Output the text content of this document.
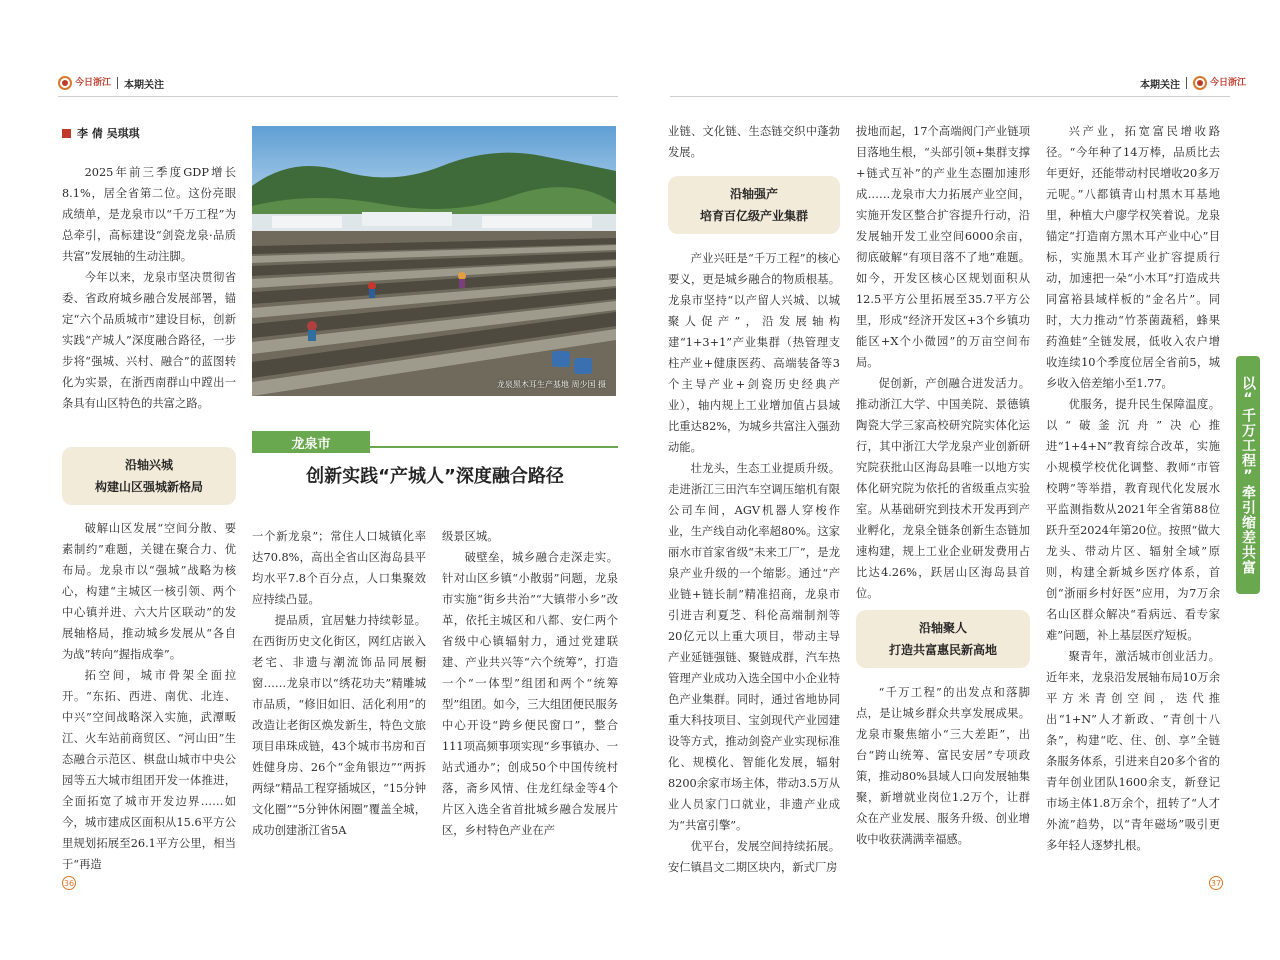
今日浙江 本期关注
李 倩 吴琪琪

2025年前三季度GDP增长8.1%，居全省第二位。这份亮眼成绩单，是龙泉市以“千万工程”为总牵引，高标建设“剑瓷龙泉·品质共富”发展轴的生动注脚。

今年以来，龙泉市坚决贯彻省委、省政府城乡融合发展部署，锚定“六个品质城市”建设目标，创新实践“产城人”深度融合路径，一步步将“强城、兴村、融合”的蓝图转化为实景，在浙西南群山中蹚出一条具有山区特色的共富之路。

沿轴兴城
构建山区强城新格局

破解山区发展“空间分散、要素制约”难题，关键在聚合力、优布局。龙泉市以“强城”战略为核心，构建“主城区一核引领、两个中心镇并进、六大片区联动”的发展轴格局，推动城乡发展从“各自为战”转向“握指成拳”。

拓空间，城市骨架全面拉开。“东拓、西进、南优、北连、中兴”空间战略深入实施，武潭畈江、火车站前商贸区、“河山田”生态融合示范区、棋盘山城市中央公园等五大城市组团开发一体推进，全面拓宽了城市开发边界……如今，城市建成区面积从15.6平方公里规划拓展至26.1平方公里，相当于“再造

龙泉黑木耳生产基地 周少国 摄
龙泉市
创新实践“产城人”深度融合路径

一个新龙泉”；常住人口城镇化率达70.8%，高出全省山区海岛县平均水平7.8个百分点，人口集聚效应持续凸显。

提品质，宜居魅力持续彰显。在西街历史文化街区，网红店嵌入老宅、非遗与潮流饰品同展橱窗……龙泉市以“绣花功夫”精雕城市品质，“修旧如旧、活化利用”的改造让老街区焕发新生，特色文旅项目串珠成链，43个城市书房和百姓健身房、26个“金角银边”“两拆两绿”精品工程穿插城区，“15分钟文化圈”“5分钟休闲圈”覆盖全城，成功创建浙江省5A

级景区城。

破壁垒，城乡融合走深走实。针对山区乡镇“小散弱”问题，龙泉市实施“街乡共治”“大镇带小乡”改革，依托主城区和八都、安仁两个省级中心镇辐射力，通过党建联建、产业共兴等“六个统筹”，打造一个“一体型”组团和两个“统筹型”组团。如今，三大组团便民服务中心开设“跨乡便民窗口”，整合111项高频事项实现“乡事镇办、一站式通办”；创成50个中国传统村落，斋乡风情、住龙红绿金等4个片区入选全省首批城乡融合发展片区，乡村特色产业在产

36
本期关注	今日浙江

业链、文化链、生态链交织中蓬勃发展。

沿轴强产
培育百亿级产业集群

产业兴旺是“千万工程”的核心要义，更是城乡融合的物质根基。龙泉市坚持“以产留人兴城、以城聚人促产”，沿发展轴构建“1+3+1”产业集群（热管理支柱产业+健康医药、高端装备等3个主导产业+剑瓷历史经典产业），轴内规上工业增加值占县域比重达82%，为城乡共富注入强劲动能。

壮龙头，生态工业提质升级。走进浙江三田汽车空调压缩机有限公司车间，AGV机器人穿梭作业，生产线自动化率超80%。这家丽水市首家省级“未来工厂”，是龙泉产业升级的一个缩影。通过“产业链+链长制”精准招商，龙泉市引进吉利夏芝、科伦高端制剂等20亿元以上重大项目，带动主导产业延链强链、聚链成群，汽车热管理产业成功入选全国中小企业特色产业集群。同时，通过省地协同重大科技项目、宝剑现代产业园建设等方式，推动剑瓷产业实现标准化、规模化、智能化发展，辐射8200余家市场主体，带动3.5万从业人员家门口就业，非遗产业成为“共富引擎”。

优平台，发展空间持续拓展。安仁镇昌文二期区块内，新式厂房

拔地而起，17个高端阀门产业链项目落地生根，“头部引领+集群支撑+链式互补”的产业生态圈加速形成……龙泉市大力拓展产业空间，实施开发区整合扩容提升行动，沿发展轴开发工业空间6000余亩，彻底破解“有项目落不了地”难题。如今，开发区核心区规划面积从12.5平方公里拓展至35.7平方公里，形成“经济开发区+3个乡镇功能区+X个小微园”的万亩空间布局。

促创新，产创融合迸发活力。推动浙江大学、中国美院、景德镇陶瓷大学三家高校研究院实体化运行，其中浙江大学龙泉产业创新研究院获批山区海岛县唯一以地方实体化研究院为依托的省级重点实验室。从基础研究到技术开发再到产业孵化，龙泉全链条创新生态链加速构建，规上工业企业研发费用占比达4.26%，跃居山区海岛县首位。

沿轴聚人
打造共富惠民新高地

“千万工程”的出发点和落脚点，是让城乡群众共享发展成果。龙泉市聚焦缩小“三大差距”，出台“跨山统筹、富民安居”专项政策，推动80%县域人口向发展轴集聚，新增就业岗位1.2万个，让群众在产业发展、服务升级、创业增收中收获满满幸福感。

兴产业，拓宽富民增收路径。“今年种了14万棒，品质比去年更好，还能带动村民增收20多万元呢。”八都镇青山村黑木耳基地里，种植大户廖学权笑着说。龙泉锚定“打造南方黑木耳产业中心”目标，实施黑木耳产业扩容提质行动，加速把一朵“小木耳”打造成共同富裕县域样板的“金名片”。同时，大力推动“竹茶菌蔬稻，蜂果药渔蛙”全链发展，低收入农户增收连续10个季度位居全省前5，城乡收入倍差缩小至1.77。

优服务，提升民生保障温度。以“破釜沉舟”决心推进“1+4+N”教育综合改革，实施小规模学校优化调整、教师“市管校聘”等举措，教育现代化发展水平监测指数从2021年全省第88位跃升至2024年第20位。按照“做大龙头、带动片区、辐射全域”原则，构建全新城乡医疗体系，首创“浙丽乡村好医”应用，为7万余名山区群众解决“看病远、看专家难”问题，补上基层医疗短板。

聚青年，激活城市创业活力。近年来，龙泉沿发展轴布局10万余平方米青创空间，迭代推出“1+N”人才新政、“青创十八条”，构建“吃、住、创、享”全链条服务体系，引进来自20多个省的青年创业团队1600余支，新登记市场主体1.8万余个，扭转了“人才外流”趋势，以“青年磁场”吸引更多年轻人逐梦扎根。

以“千万工程”牵引缩差共富
37
